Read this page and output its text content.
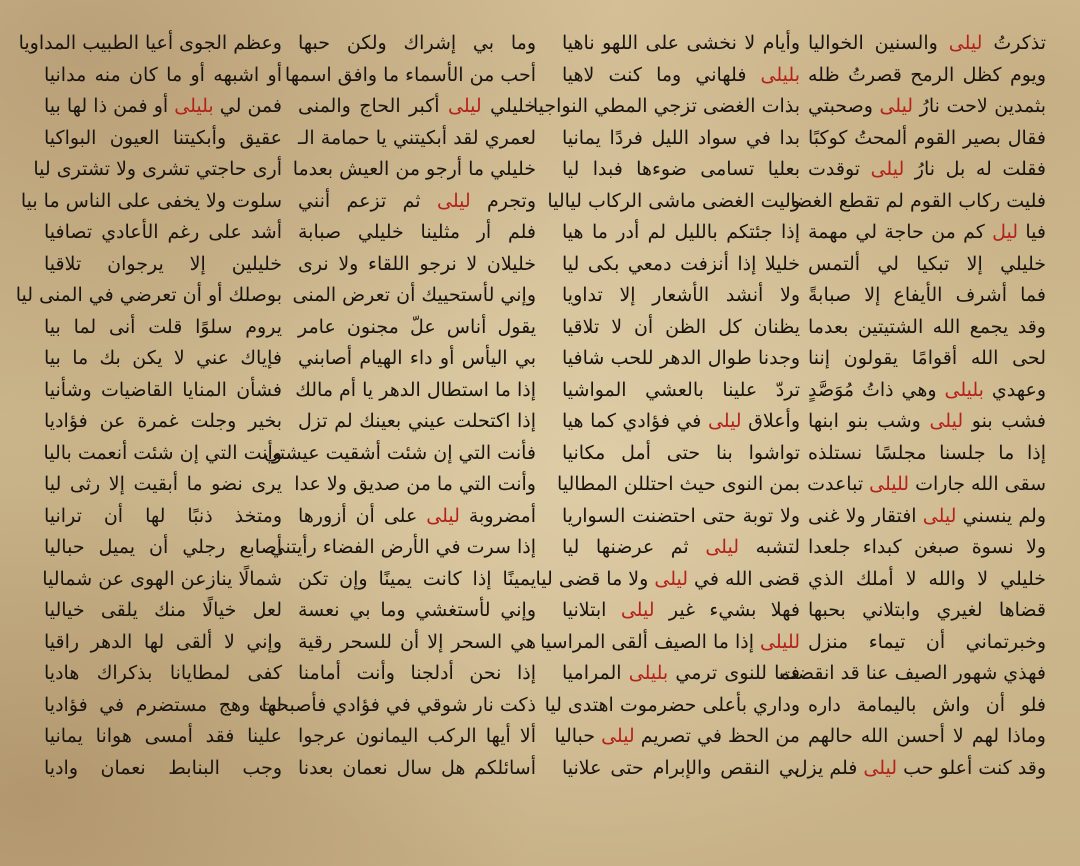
تذكرتُ ليلى والسنين الخواليا
ويوم كظل الرمح قصرتُ ظله
بثمدين لاحت نارُ ليلى وصحبتي
فقال بصير القوم ألمحتُ كوكبًا
فقلت له بل نارُ ليلى توقدت
فليت ركاب القوم لم تقطع الغضا
فيا ليل كم من حاجة لي مهمة
خليلي إلا تبكيا لي ألتمس
فما أشرف الأيفاع إلا صبابةً
وقد يجمع الله الشتيتين بعدما
لحى الله أقوامًا يقولون إننا
وعهدي بليلى وهي ذاتُ مُوَصَّدٍ
فشب بنو ليلى وشب بنو ابنها
إذا ما جلسنا مجلسًا نستلذه
سقى الله جارات لليلى تباعدت
ولم ينسني ليلى افتقار ولا غنى
ولا نسوة صبغن كبداء جلعدا
خليلي لا والله لا أملك الذي
قضاها لغيري وابتلاني بحبها
وخبرتماني أن تيماء منزل
فهذي شهور الصيف عنا قد انقضت
فلو أن واش باليمامة داره
وماذا لهم لا أحسن الله حالهم
وقد كنت أعلو حب ليلى فلم يزل
وأيام لا نخشى على اللهو ناهيا
بليلى فلهاني وما كنت لاهيا
بذات الغضى تزجي المطي النواجيا
بدا في سواد الليل فردًا يمانيا
بعليا تسامى ضوءها فبدا ليا
وليت الغضى ماشى الركاب لياليا
إذا جئتكم بالليل لم أدر ما هيا
خليلا إذا أنزفت دمعي بكى ليا
ولا أنشد الأشعار إلا تداويا
يظنان كل الظن أن لا تلاقيا
وجدنا طوال الدهر للحب شافيا
تردّ علينا بالعشي المواشيا
وأعلاق ليلى في فؤادي كما هيا
تواشوا بنا حتى أمل مكانيا
بمن النوى حيث احتللن المطاليا
ولا توبة حتى احتضنت السواريا
لتشبه ليلى ثم عرضنها ليا
قضى الله في ليلى ولا ما قضى ليا
فهلا بشيء غير ليلى ابتلانيا
لليلى إذا ما الصيف ألقى المراسيا
فما للنوى ترمي بليلى المراميا
وداري بأعلى حضرموت اهتدى ليا
من الحظ في تصريم ليلى حباليا
بي النقص والإبرام حتى علانيا
وما بي إشراك ولكن حبها
أحب من الأسماء ما وافق اسمها
خليلي ليلى أكبر الحاج والمنى
لعمري لقد أبكيتني يا حمامة الـ
خليلي ما أرجو من العيش بعدما
وتجرم ليلى ثم تزعم أنني
فلم أر مثلينا خليلي صبابة
خليلان لا نرجو اللقاء ولا نرى
وإني لأستحييك أن تعرض المنى
يقول أناس علّ مجنون عامر
بي اليأس أو داء الهيام أصابني
إذا ما استطال الدهر يا أم مالك
إذا اكتحلت عيني بعينك لم تزل
فأنت التي إن شئت أشقيت عيشتي
وأنت التي ما من صديق ولا عدا
أمضروبة ليلى على أن أزورها
إذا سرت في الأرض الفضاء رأيتني
يمينًا إذا كانت يمينًا وإن تكن
وإني لأستغشي وما بي نعسة
هي السحر إلا أن للسحر رقية
إذا نحن أدلجنا وأنت أمامنا
ذكت نار شوقي في فؤادي فأصبحت
ألا أيها الركب اليمانون عرجوا
أسائلكم هل سال نعمان بعدنا
وعظم الجوى أعيا الطبيب المداويا
أو اشبهه أو ما كان منه مدانيا
فمن لي بليلى أو فمن ذا لها بيا
عقيق وأبكيتنا العيون البواكيا
أرى حاجتي تشرى ولا تشترى ليا
سلوت ولا يخفى على الناس ما بيا
أشد على رغم الأعادي تصافيا
خليلين إلا يرجوان تلاقيا
بوصلك أو أن تعرضي في المنى ليا
يروم سلوًا قلت أنى لما بيا
فإياك عني لا يكن بك ما بيا
فشأن المنايا القاضيات وشأنيا
بخير وجلت غمرة عن فؤاديا
وأنت التي إن شئت أنعمت باليا
يرى نضو ما أبقيت إلا رثى ليا
ومتخذ ذنبًا لها أن ترانيا
أصابع رجلي أن يميل حباليا
شمالًا ينازعن الهوى عن شماليا
لعل خيالًا منك يلقى خياليا
وإني لا ألقى لها الدهر راقيا
كفى لمطايانا بذكراك هاديا
لها وهج مستضرم في فؤاديا
علينا فقد أمسى هوانا يمانيا
وجب البنابط نعمان واديا
